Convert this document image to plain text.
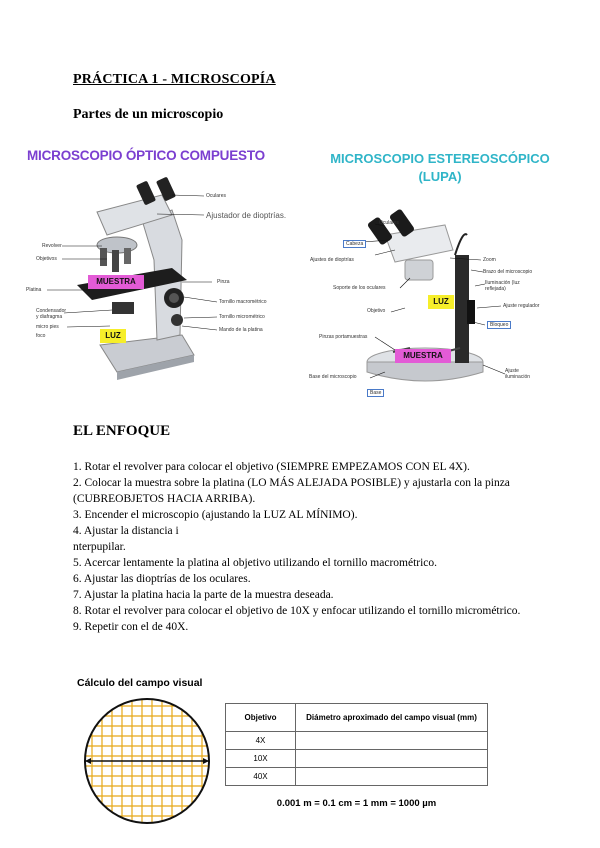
PRÁCTICA 1 - MICROSCOPÍA
Partes de un microscopio
MICROSCOPIO ÓPTICO COMPUESTO
Oculares
Ajustador de dioptrías.
Revolver
Objetivos
Platina
Pinza
Condensador y diafragma
micro pies
foco
Tornillo macrométrico
Tornillo micrométrico
Mando de la platina
MUESTRA
LUZ
MICROSCOPIO ESTEREOSCÓPICO
(LUPA)
Oculares
Cabeza
Ajustes de dioptrías
Soporte de los oculares
Objetivo
Pinzas portamuestras
Base del microscopio
Zoom
Brazo del microscopio
Iluminación (luz reflejada)
Ajuste regulador
Bloqueo
Ajuste iluminación
Base
LUZ
MUESTRA
EL ENFOQUE

1. Rotar el revolver para colocar el objetivo (SIEMPRE EMPEZAMOS CON EL 4X).

2. Colocar la muestra sobre la platina (LO MÁS ALEJADA POSIBLE) y ajustarla con la pinza (CUBREOBJETOS HACIA ARRIBA).

3. Encender el microscopio (ajustando la LUZ AL MÍNIMO).

4. Ajustar la distancia i

nterpupilar.

5. Acercar lentamente la platina al objetivo utilizando el tornillo macrométrico.

6. Ajustar las dioptrías de los oculares.

7. Ajustar la platina hacia la parte de la muestra deseada.

8. Rotar el revolver para colocar el objetivo de 10X y enfocar utilizando el tornillo micrométrico.

9. Repetir con el de 40X.

Cálculo del campo visual
Objetivo	Diámetro aproximado del campo visual (mm)
4X	
10X	
40X	
0.001 m = 0.1 cm = 1 mm = 1000 µm
